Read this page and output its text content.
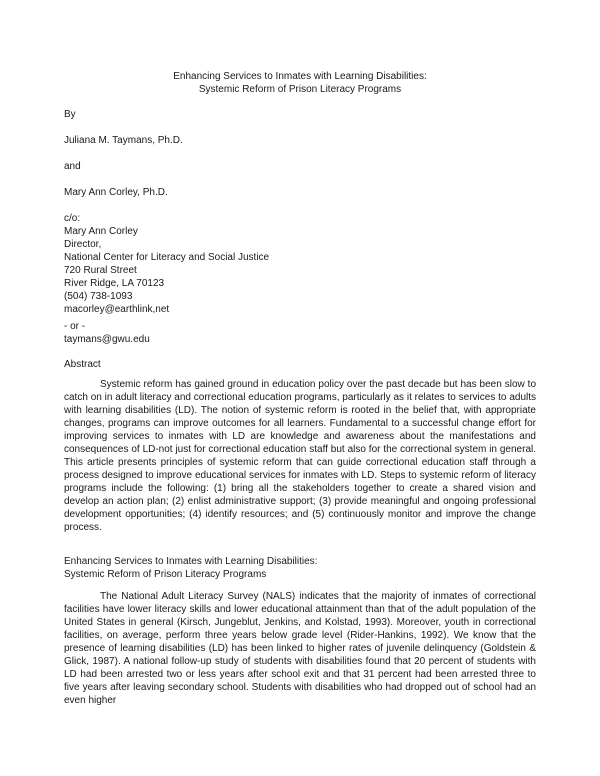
Enhancing Services to Inmates with Learning Disabilities:
Systemic Reform of Prison Literacy Programs
By
Juliana M. Taymans, Ph.D.
and
Mary Ann Corley, Ph.D.
c/o:
Mary Ann Corley
Director,
National Center for Literacy and Social Justice
720 Rural Street
River Ridge, LA 70123
(504) 738-1093
macorley@earthlink,net
- or -
taymans@gwu.edu
Abstract
Systemic reform has gained ground in education policy over the past decade but has been slow to catch on in adult literacy and correctional education programs, particularly as it relates to services to adults with learning disabilities (LD). The notion of systemic reform is rooted in the belief that, with appropriate changes, programs can improve outcomes for all learners. Fundamental to a successful change effort for improving services to inmates with LD are knowledge and awareness about the manifestations and consequences of LD-not just for correctional education staff but also for the correctional system in general. This article presents principles of systemic reform that can guide correctional education staff through a process designed to improve educational services for inmates with LD. Steps to systemic reform of literacy programs include the following: (1) bring all the stakeholders together to create a shared vision and develop an action plan; (2) enlist administrative support; (3) provide meaningful and ongoing professional development opportunities; (4) identify resources; and (5) continuously monitor and improve the change process.
Enhancing Services to Inmates with Learning Disabilities:
Systemic Reform of Prison Literacy Programs
The National Adult Literacy Survey (NALS) indicates that the majority of inmates of correctional facilities have lower literacy skills and lower educational attainment than that of the adult population of the United States in general (Kirsch, Jungeblut, Jenkins, and Kolstad, 1993). Moreover, youth in correctional facilities, on average, perform three years below grade level (Rider-Hankins, 1992). We know that the presence of learning disabilities (LD) has been linked to higher rates of juvenile delinquency (Goldstein & Glick, 1987). A national follow-up study of students with disabilities found that 20 percent of students with LD had been arrested two or less years after school exit and that 31 percent had been arrested three to five years after leaving secondary school. Students with disabilities who had dropped out of school had an even higher
